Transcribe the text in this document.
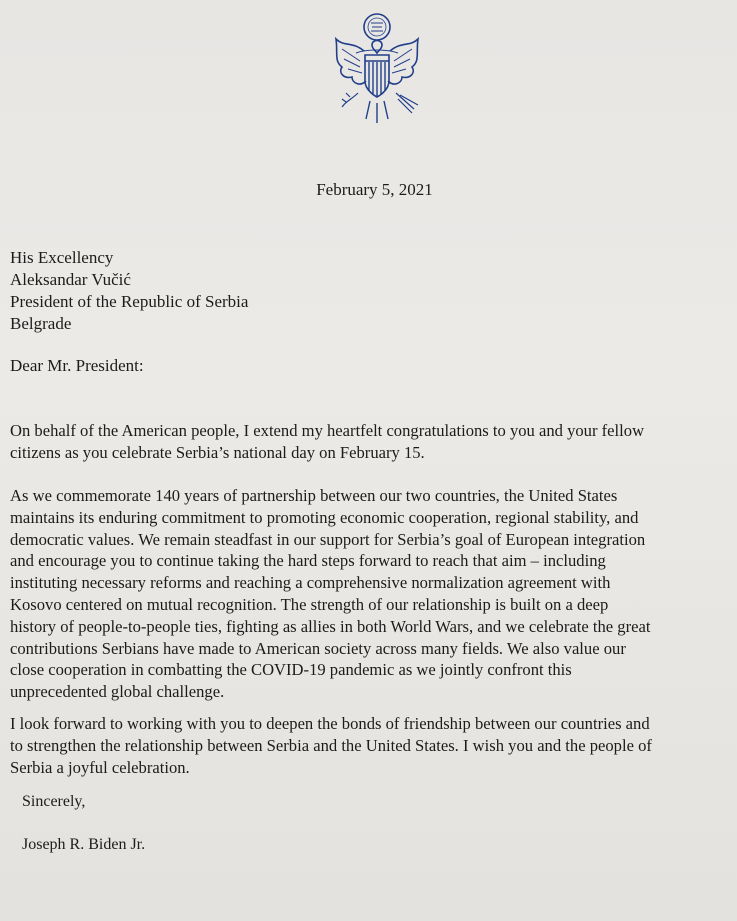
February 5, 2021
His Excellency
Aleksandar Vučić
President of the Republic of Serbia
Belgrade
Dear Mr. President:
On behalf of the American people, I extend my heartfelt congratulations to you and your fellow
citizens as you celebrate Serbia’s national day on February 15.
As we commemorate 140 years of partnership between our two countries, the United States
maintains its enduring commitment to promoting economic cooperation, regional stability, and
democratic values. We remain steadfast in our support for Serbia’s goal of European integration
and encourage you to continue taking the hard steps forward to reach that aim – including
instituting necessary reforms and reaching a comprehensive normalization agreement with
Kosovo centered on mutual recognition. The strength of our relationship is built on a deep
history of people-to-people ties, fighting as allies in both World Wars, and we celebrate the great
contributions Serbians have made to American society across many fields. We also value our
close cooperation in combatting the COVID-19 pandemic as we jointly confront this
unprecedented global challenge.
I look forward to working with you to deepen the bonds of friendship between our countries and
to strengthen the relationship between Serbia and the United States. I wish you and the people of
Serbia a joyful celebration.
Sincerely,
Joseph R. Biden Jr.
